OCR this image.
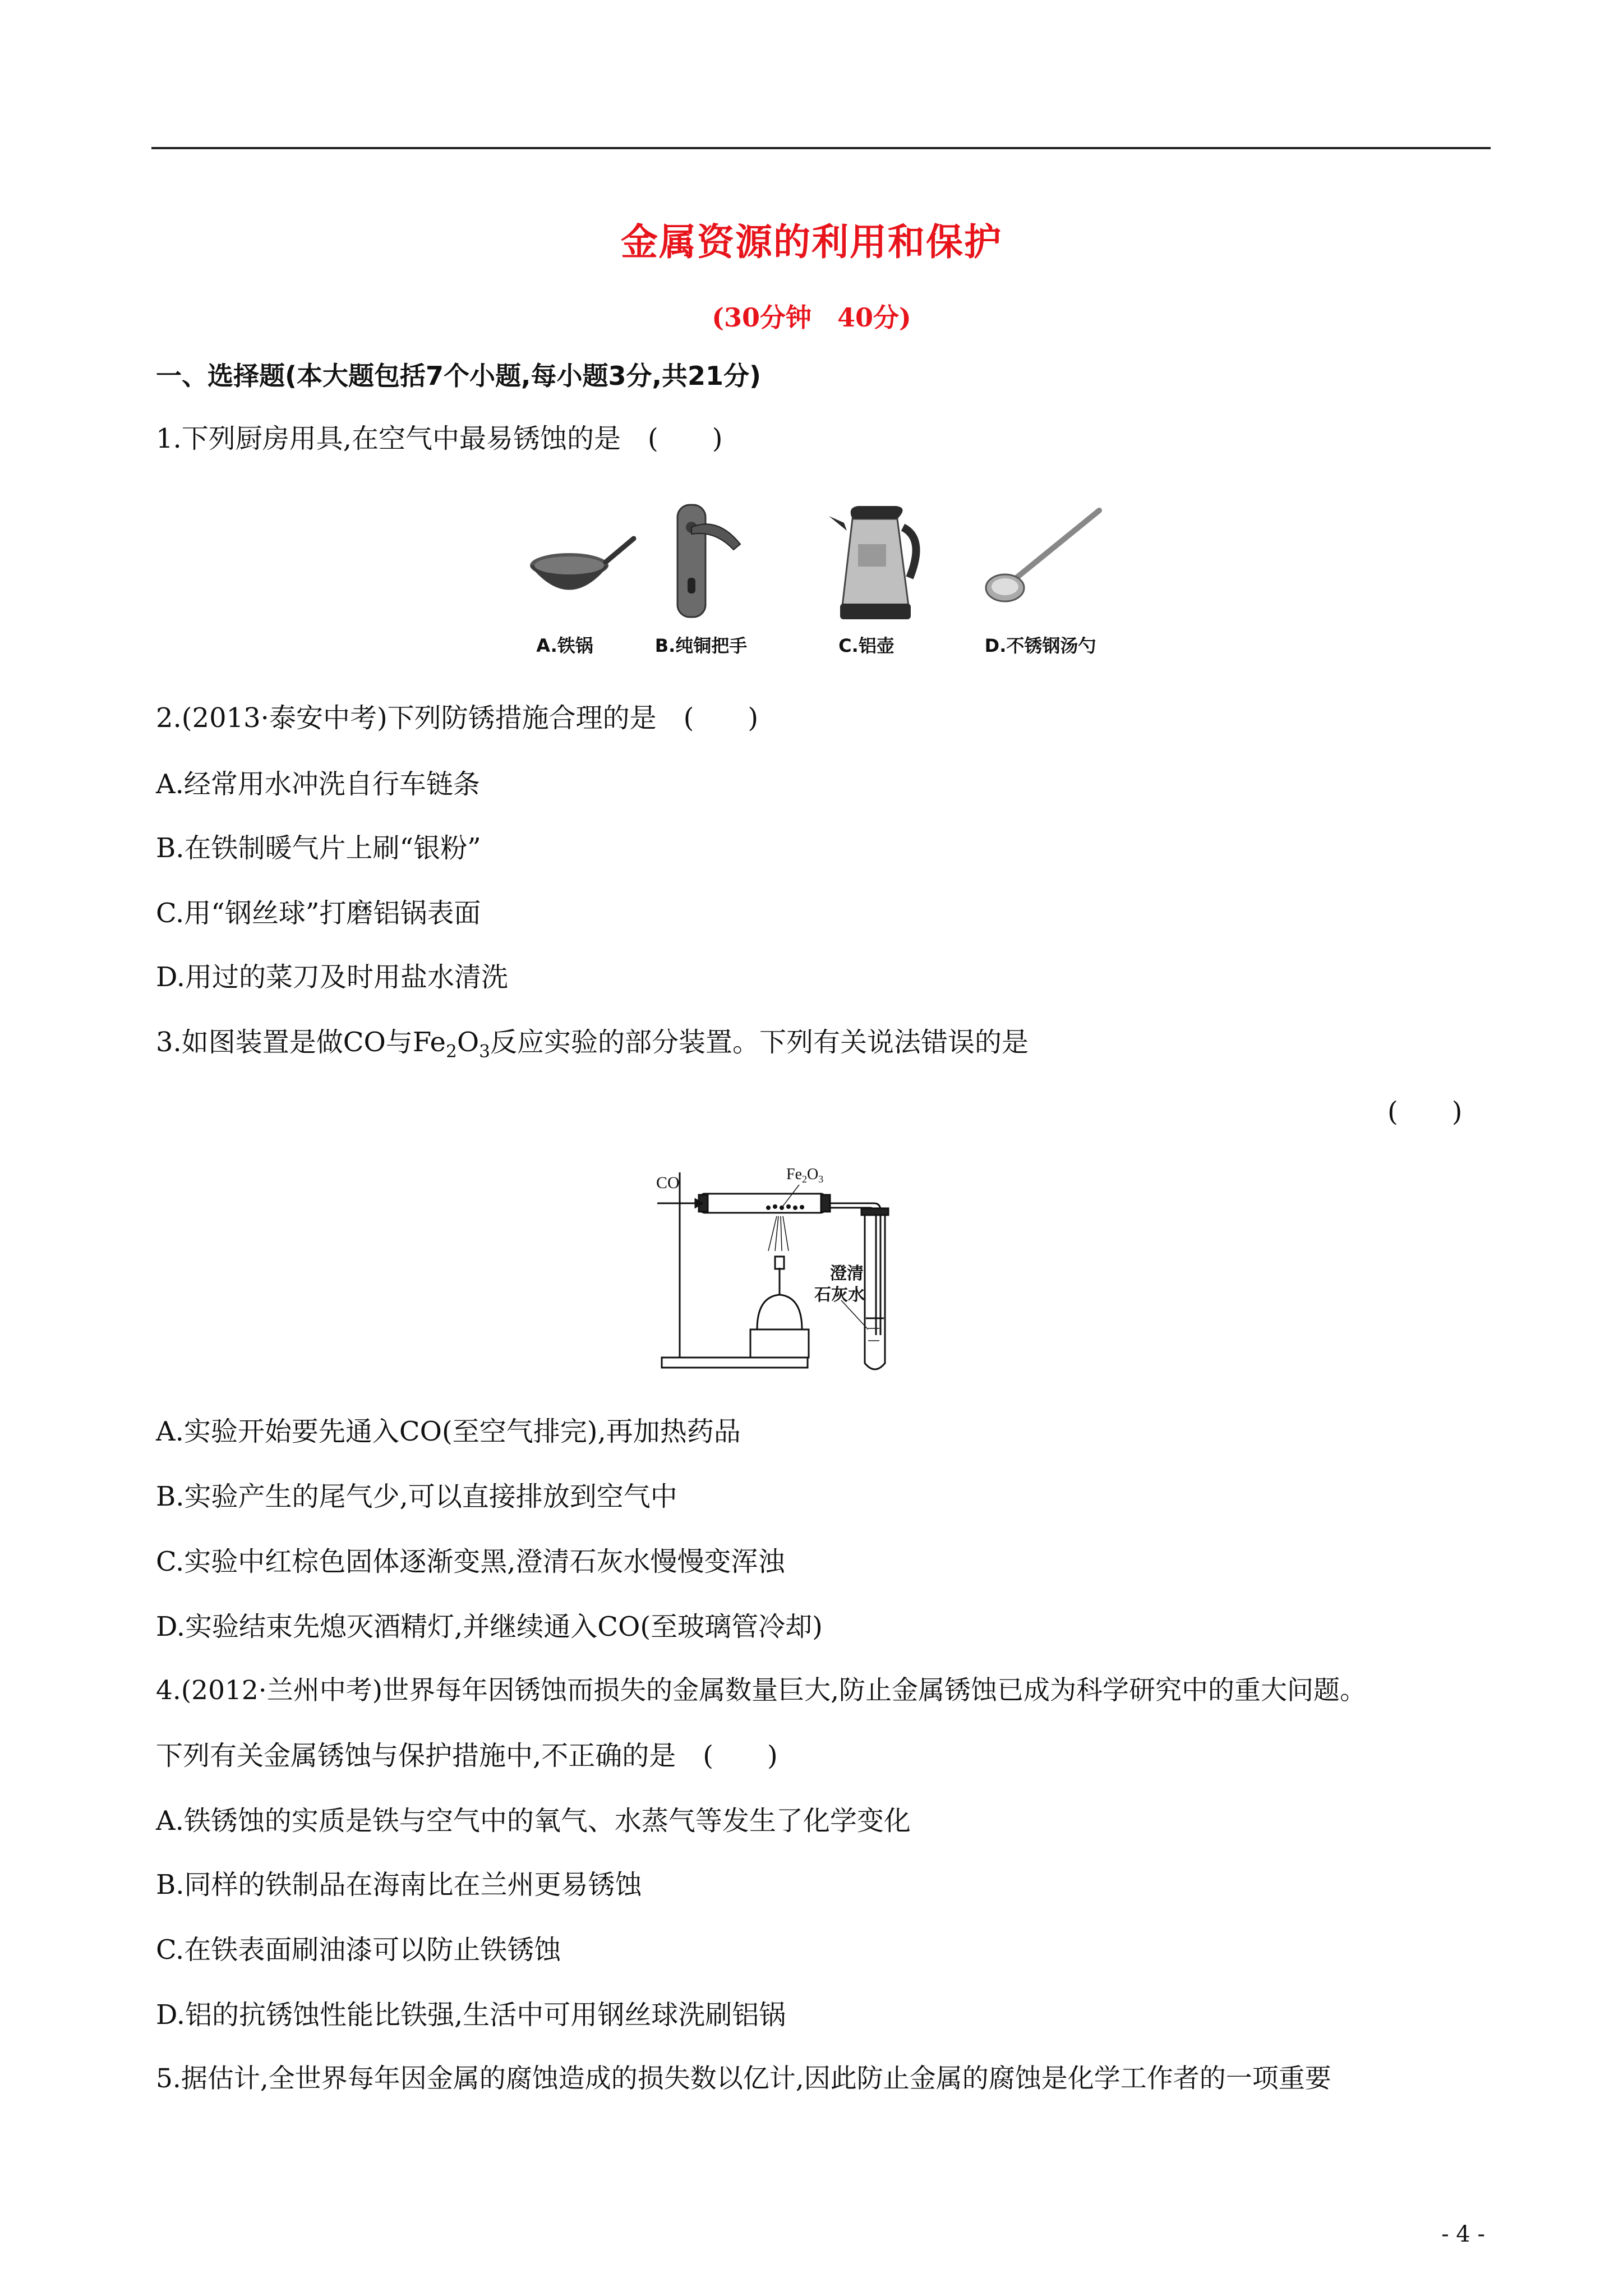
金属资源的利用和保护
(30分钟　40分)
一、选择题(本大题包括7个小题,每小题3分,共21分)
1.下列厨房用具,在空气中最易锈蚀的是　(　　)
A.铁锅	B.纯铜把手	C.铝壶	D.不锈钢汤勺
2.(2013·泰安中考)下列防锈措施合理的是　(　　)
A.经常用水冲洗自行车链条
B.在铁制暖气片上刷“银粉”
C.用“钢丝球”打磨铝锅表面
D.用过的菜刀及时用盐水清洗
3.如图装置是做CO与$Fe_2O_3$反应实验的部分装置。下列有关说法错误的是
(　　)
CO	$Fe_2O_3$
澄清
石灰水
A.实验开始要先通入CO(至空气排完),再加热药品
B.实验产生的尾气少,可以直接排放到空气中
C.实验中红棕色固体逐渐变黑,澄清石灰水慢慢变浑浊
D.实验结束先熄灭酒精灯,并继续通入CO(至玻璃管冷却)
4.(2012·兰州中考)世界每年因锈蚀而损失的金属数量巨大,防止金属锈蚀已成为科学研究中的重大问题。
下列有关金属锈蚀与保护措施中,不正确的是　(　　)
A.铁锈蚀的实质是铁与空气中的氧气、水蒸气等发生了化学变化
B.同样的铁制品在海南比在兰州更易锈蚀
C.在铁表面刷油漆可以防止铁锈蚀
D.铝的抗锈蚀性能比铁强,生活中可用钢丝球洗刷铝锅
5.据估计,全世界每年因金属的腐蚀造成的损失数以亿计,因此防止金属的腐蚀是化学工作者的一项重要
- 4 -
